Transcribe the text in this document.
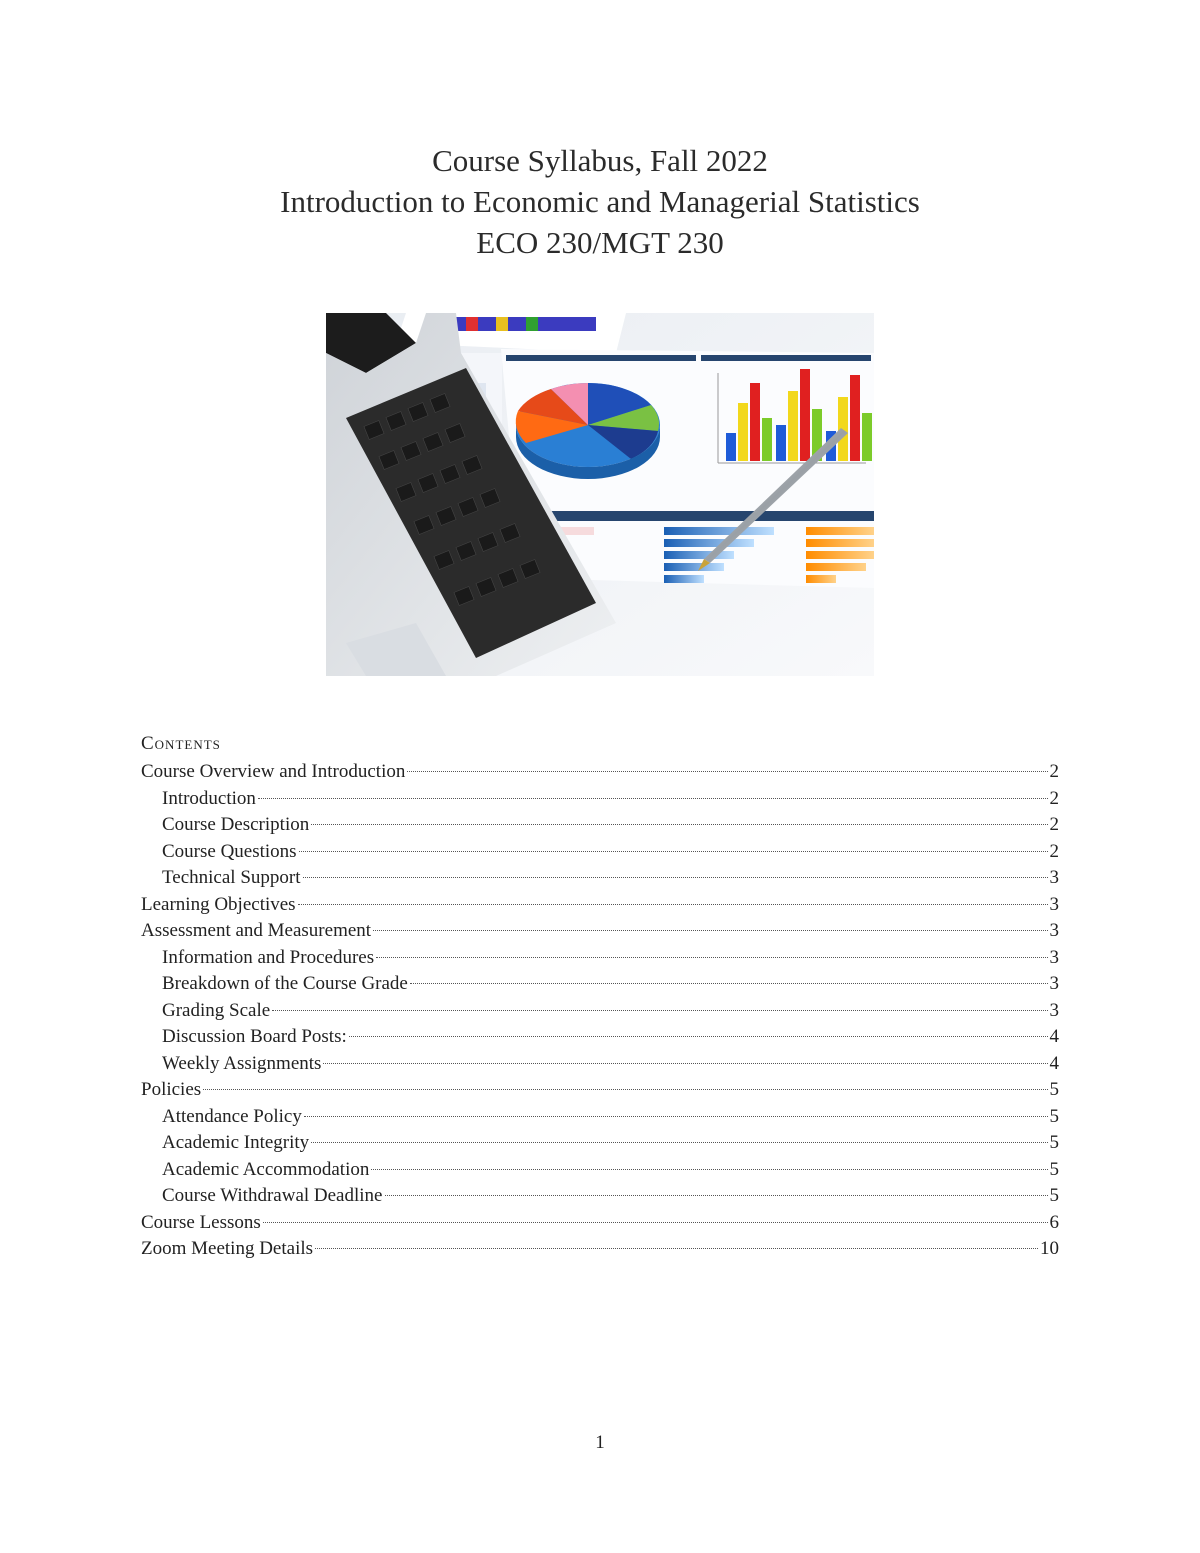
Course Syllabus, Fall 2022
Introduction to Economic and Managerial Statistics
ECO 230/MGT 230
Contents
Course Overview and Introduction	2
Introduction	2
Course Description	2
Course Questions	2
Technical Support	3
Learning Objectives	3
Assessment and Measurement	3
Information and Procedures	3
Breakdown of the Course Grade	3
Grading Scale	3
Discussion Board Posts:	4
Weekly Assignments	4
Policies	5
Attendance Policy	5
Academic Integrity	5
Academic Accommodation	5
Course Withdrawal Deadline	5
Course Lessons	6
Zoom Meeting Details	10
1
